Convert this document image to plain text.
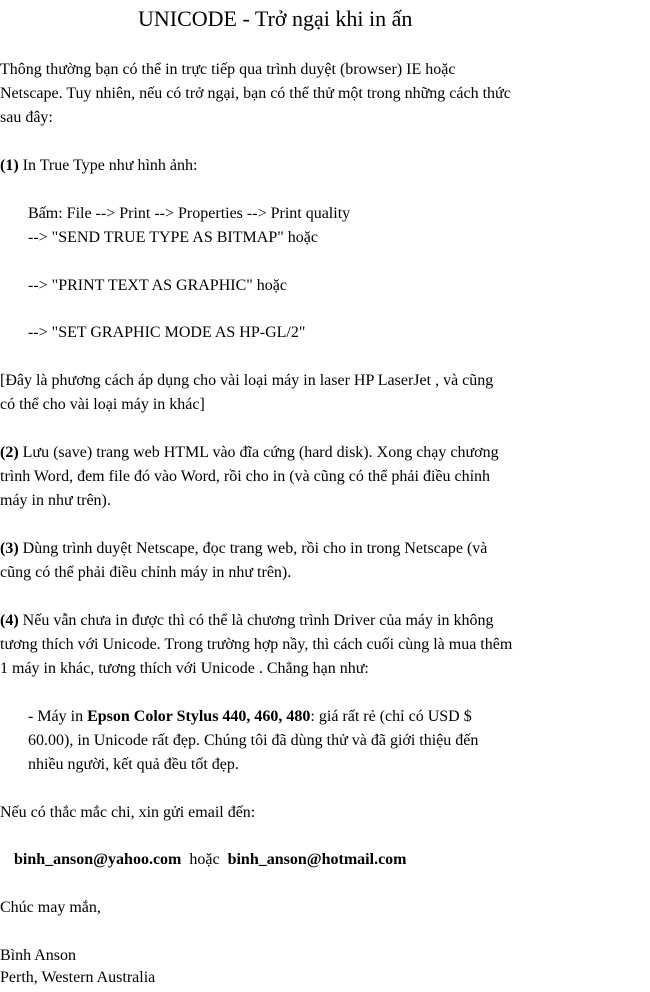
UNICODE - Trở ngại khi in ấn
Thông thường bạn có thể in trực tiếp qua trình duyệt (browser) IE hoặc
Netscape. Tuy nhiên, nếu có trở ngại, bạn có thể thử một trong những cách thức
sau đây:
(1) In True Type như hình ảnh:
Bấm: File --> Print --> Properties --> Print quality
--> "SEND TRUE TYPE AS BITMAP" hoặc
--> "PRINT TEXT AS GRAPHIC" hoặc
--> "SET GRAPHIC MODE AS HP-GL/2"
[Đây là phương cách áp dụng cho vài loại máy in laser HP LaserJet , và cũng
có thể cho vài loại máy in khác]
(2) Lưu (save) trang web HTML vào đĩa cứng (hard disk). Xong chạy chương
trình Word, đem file đó vào Word, rồi cho in (và cũng có thể phải điều chỉnh
máy in như trên).
(3) Dùng trình duyệt Netscape, đọc trang web, rồi cho in trong Netscape (và
cũng có thể phải điều chỉnh máy in như trên).
(4) Nếu vẫn chưa in được thì có thể là chương trình Driver của máy in không
tương thích với Unicode. Trong trường hợp nầy, thì cách cuối cùng là mua thêm
1 máy in khác, tương thích với Unicode . Chẳng hạn như:
- Máy in Epson Color Stylus 440, 460, 480: giá rất rẻ (chỉ có USD $
60.00), in Unicode rất đẹp. Chúng tôi đã dùng thử và đã giới thiệu đến
nhiều người, kết quả đều tốt đẹp.
Nếu có thắc mắc chi, xin gửi email đến:
binh_anson@yahoo.com  hoặc  binh_anson@hotmail.com
Chúc may mắn,
Bình Anson
Perth, Western Australia
